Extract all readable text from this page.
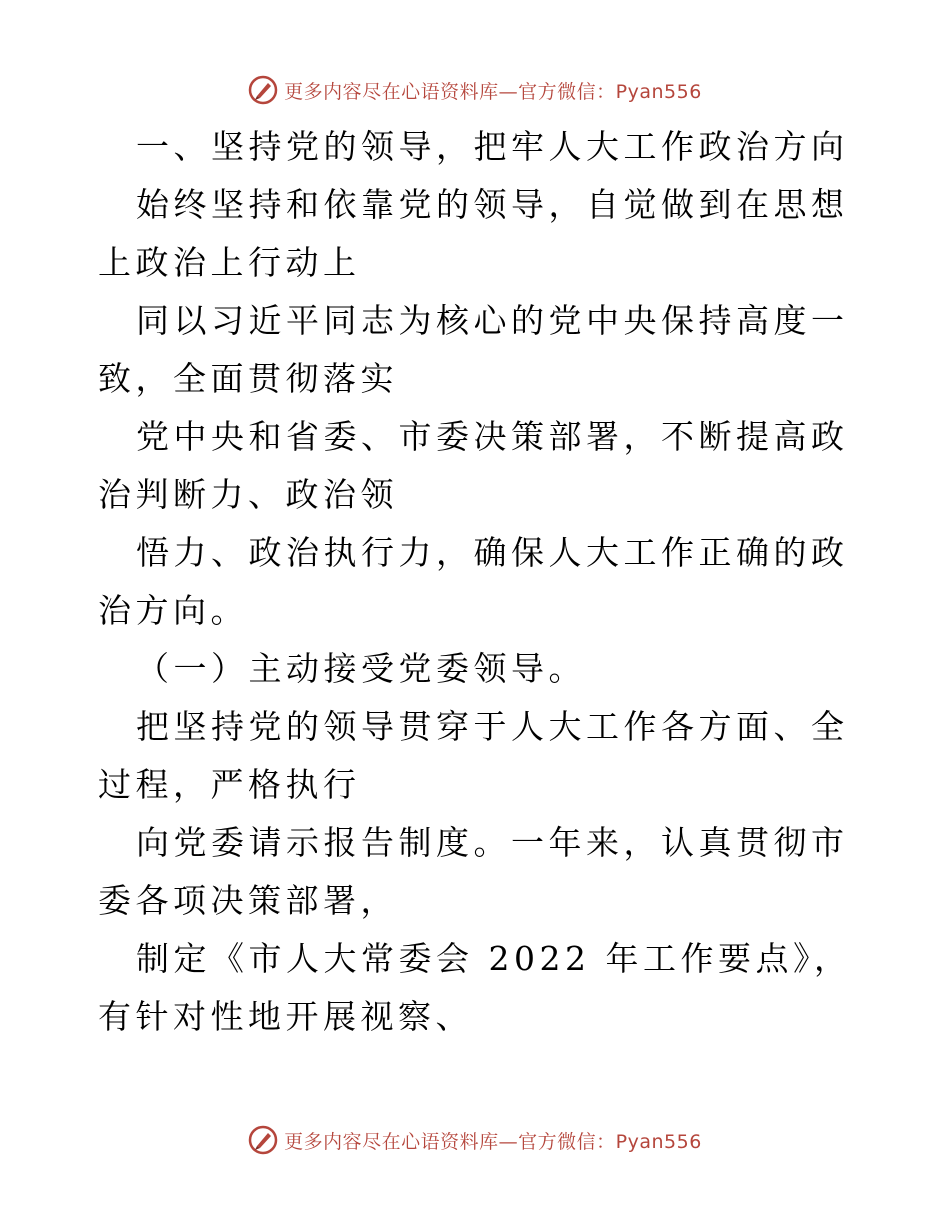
更多内容尽在心语资料库—官方微信：Pyan556

一、坚持党的领导，把牢人大工作政治方向

始终坚持和依靠党的领导，自觉做到在思想上政治上行动上

同以习近平同志为核心的党中央保持高度一致，全面贯彻落实

党中央和省委、市委决策部署，不断提高政治判断力、政治领

悟力、政治执行力，确保人大工作正确的政治方向。

（一）主动接受党委领导。

把坚持党的领导贯穿于人大工作各方面、全过程，严格执行

向党委请示报告制度。一年来，认真贯彻市委各项决策部署，

制定《市人大常委会 2022 年工作要点》，有针对性地开展视察、

更多内容尽在心语资料库—官方微信：Pyan556
